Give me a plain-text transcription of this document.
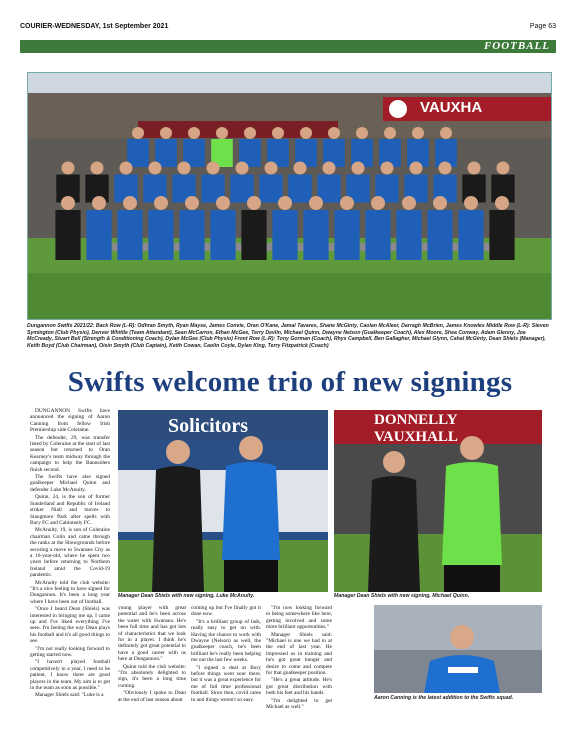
COURIER-WEDNESDAY, 1st September 2021	Page 63
FOOTBALL
VAUXHA
Dungannon Swifts 2021/22: Back Row (L-R): Odhran Smyth, Ryan Mayse, James Convie, Oran O'Kane, Jamal Tavares, Shane McGinty, Caolan McAleer, Darragh McBrien, James Knowles Middle Row (L-R): Steven Symington (Club Physio), Denver Whittle (Team Attendant), Sean McCarron, Ethan McGee, Terry Devlin, Michael Quinn, Dwayne Nelson (Goalkeeper Coach), Alex Moore, Shea Conway, Adam Glenny, Joe McCready, Stuart Bell (Strength & Conditioning Coach), Dylan McGee (Club Physio) Front Row (L-R): Tony Gorman (Coach), Rhys Campbell, Ben Gallagher, Michael Glynn, Cahal McGinty, Dean Shiels (Manager), Keith Boyd (Club Chairman), Oisin Smyth (Club Captain), Keith Cowan, Caolin Coyle, Dylan King, Terry Fitzpatrick (Coach)
Swifts welcome trio of new signings

DUNGANNON Swifts have announced the signing of Aaron Canning from fellow Irish Premiership side Coleraine.

The defender, 29, was transfer listed by Coleraine at the start of last season but returned to Oran Kearney's team midway through the campaign to help the Bannsiders finish second.

The Swifts have also signed goalkeeper Michael Quinn and defender Luke McAnulty.

Quinn, 24, is the son of former Sunderland and Republic of Ireland striker Niall and moves to Stangmore Park after spells with Bury FC and Cabinteely FC.

McAnulty, 19, is son of Coleraine chairman Colin and came through the ranks at the Showgrounds before securing a move to Swansea City as a 16-year-old, where he spent two years before returning to Northern Ireland amid the Covid-19 pandemic.

McAnulty told the club website: "It's a nice feeling to have signed for Dungannon. It's been a long year where I have been out of football.

"Once I heard Dean (Shiels) was interested in bringing me up, I came up and I've liked everything I've seen. I'm feeling the way Dean plays his football and it's all good things to see.

"I'm not really looking forward to getting started now.

"I haven't played football competitively in a year, I need to be patient, I know there are good players in the team. My aim is to get in the team as soon as possible."

Manager Shiels said: "Luke is a

Solicitors
Manager Dean Shiels with new signing, Luke McAnulty.
DONNELLY VAUXHALL
Manager Dean Shiels with new signing, Michael Quinn.

young player with great potential and he's been across the water with Swansea. He's been full time and has got lots of characteristics that we look for in a player. I think he's definitely got great potential to have a good career with us here at Dungannon."

Quinn told the club website: "I'm absolutely delighted to sign, it's been a long time coming.

"Obviously I spoke to Dean at the end of last season about

coming up but I've finally got it done now.

"It's a brilliant group of lads, really easy to get on with. Having the chance to work with Dwayne (Nelson) as well, the goalkeeper coach, he's been brilliant he's really been helping me out the last few weeks.

"I signed a deal at Bury before things went sour there, but it was a great experience for me of full time professional football. Since then, covid came in and things weren't so easy.

"I'm now looking forward to being somewhere like here, getting involved and some more brilliant opportunities."

Manager Shiels said: "Michael is one we had in at the end of last year. He impressed us in training and he's got great hunger and desire to come and compete for that goalkeeper position.

"He's a great attitude. He's got great distribution with both his feet and his hands.

"I'm delighted to get Michael as well."

Aaron Canning is the latest addition to the Swifts squad.
